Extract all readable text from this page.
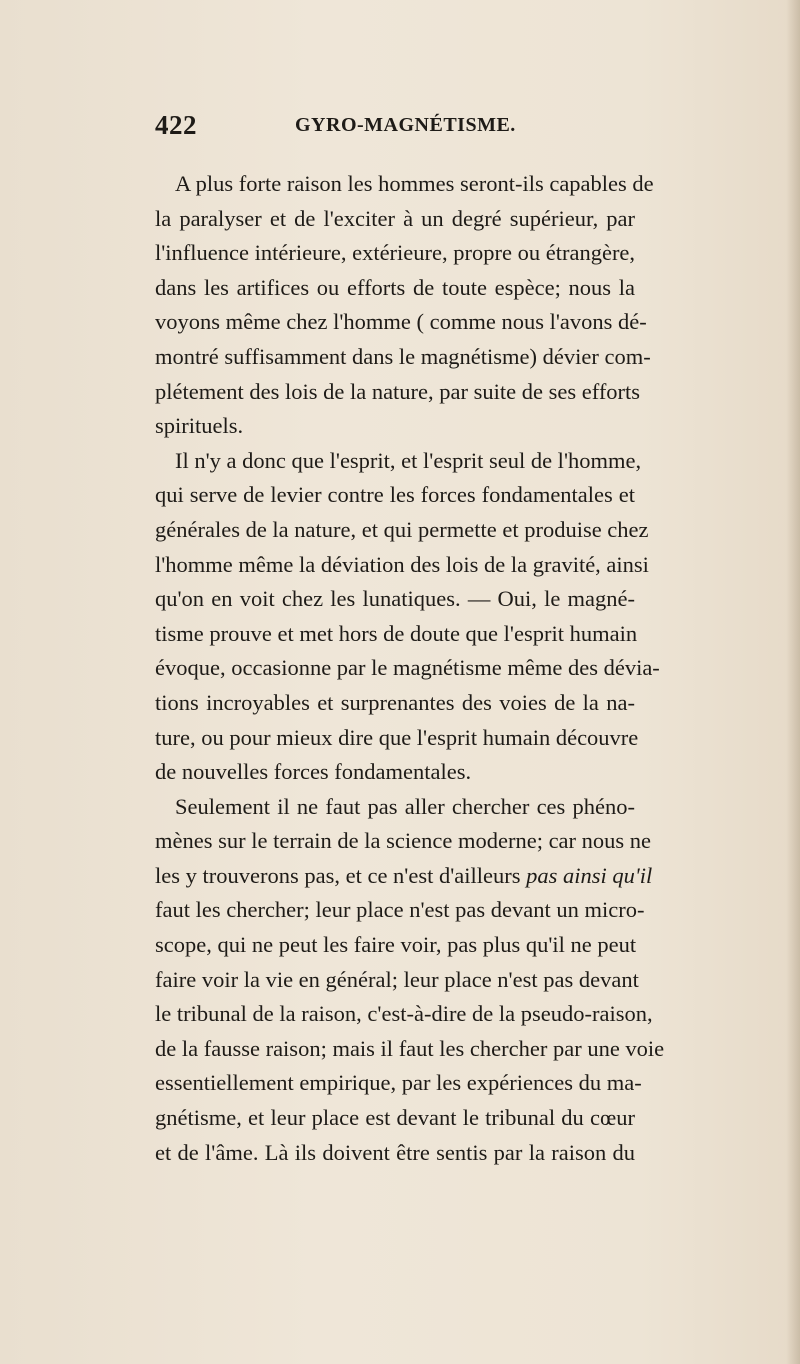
422	GYRO-MAGNÉTISME.
A plus forte raison les hommes seront-ils capables de
la paralyser et de l'exciter à un degré supérieur, par
l'influence intérieure, extérieure, propre ou étrangère,
dans les artifices ou efforts de toute espèce; nous la
voyons même chez l'homme ( comme nous l'avons dé-
montré suffisamment dans le magnétisme) dévier com-
plétement des lois de la nature, par suite de ses efforts
spirituels.
Il n'y a donc que l'esprit, et l'esprit seul de l'homme,
qui serve de levier contre les forces fondamentales et
générales de la nature, et qui permette et produise chez
l'homme même la déviation des lois de la gravité, ainsi
qu'on en voit chez les lunatiques. — Oui, le magné-
tisme prouve et met hors de doute que l'esprit humain
évoque, occasionne par le magnétisme même des dévia-
tions incroyables et surprenantes des voies de la na-
ture, ou pour mieux dire que l'esprit humain découvre
de nouvelles forces fondamentales.
Seulement il ne faut pas aller chercher ces phéno-
mènes sur le terrain de la science moderne; car nous ne
les y trouverons pas, et ce n'est d'ailleurs pas ainsi qu'il
faut les chercher; leur place n'est pas devant un micro-
scope, qui ne peut les faire voir, pas plus qu'il ne peut
faire voir la vie en général; leur place n'est pas devant
le tribunal de la raison, c'est-à-dire de la pseudo-raison,
de la fausse raison; mais il faut les chercher par une voie
essentiellement empirique, par les expériences du ma-
gnétisme, et leur place est devant le tribunal du cœur
et de l'âme. Là ils doivent être sentis par la raison du
